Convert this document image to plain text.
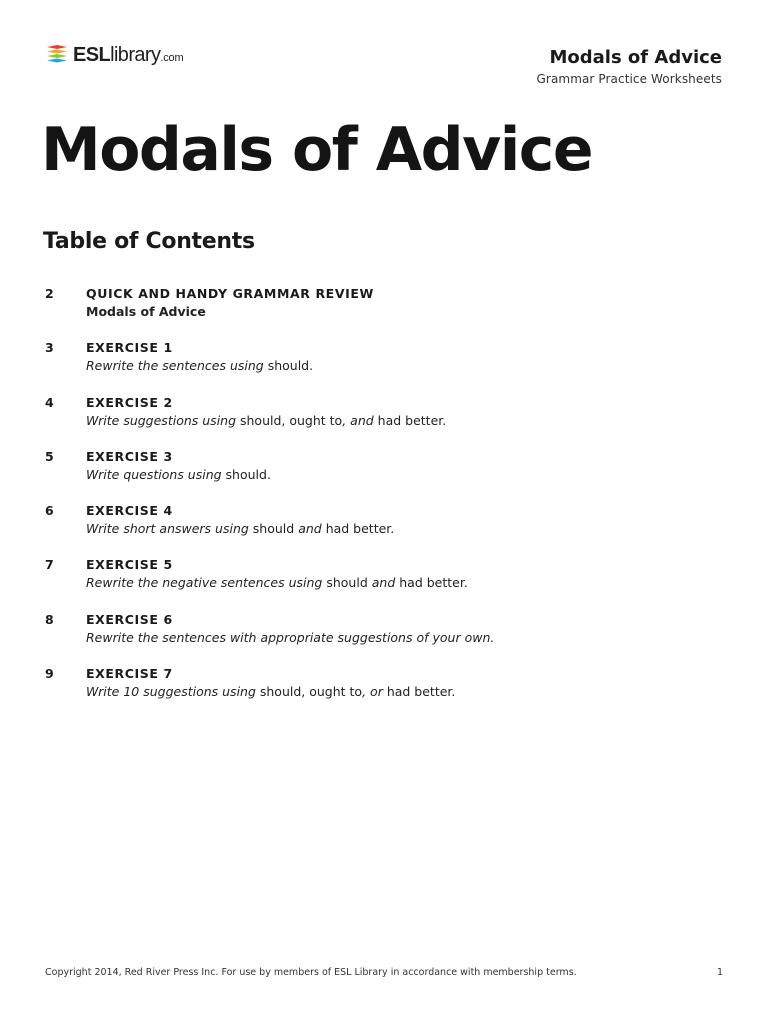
ESLlibrary.com	Modals of Advice
Grammar Practice Worksheets
Modals of Advice
Table of Contents
2	QUICK AND HANDY GRAMMAR REVIEW
Modals of Advice
3	EXERCISE 1
Rewrite the sentences using should.
4	EXERCISE 2
Write suggestions using should, ought to, and had better.
5	EXERCISE 3
Write questions using should.
6	EXERCISE 4
Write short answers using should and had better.
7	EXERCISE 5
Rewrite the negative sentences using should and had better.
8	EXERCISE 6
Rewrite the sentences with appropriate suggestions of your own.
9	EXERCISE 7
Write 10 suggestions using should, ought to, or had better.
Copyright 2014, Red River Press Inc. For use by members of ESL Library in accordance with membership terms.	1
